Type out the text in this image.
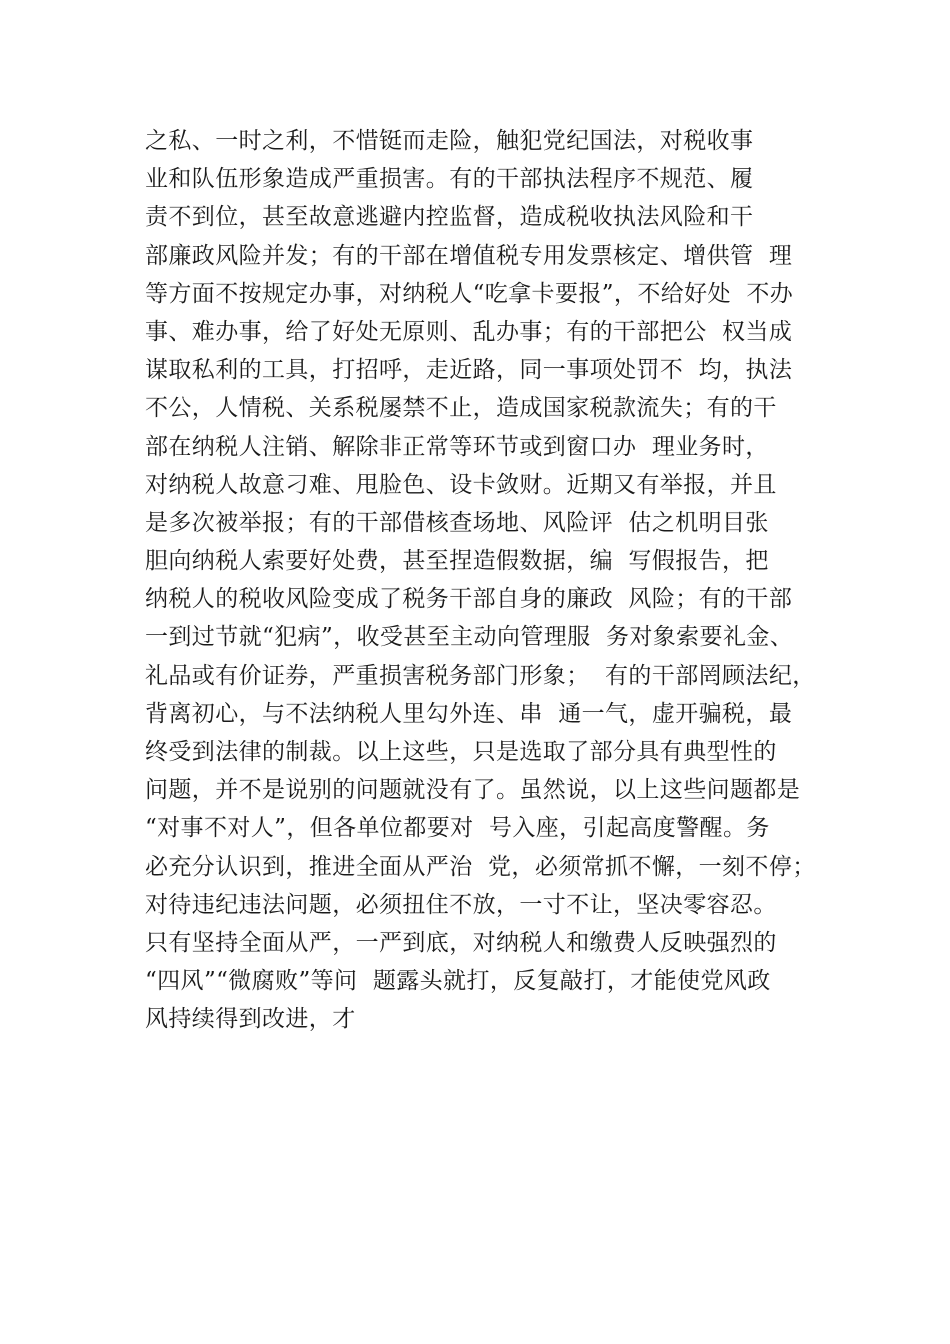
之私、一时之利，不惜铤而走险，触犯党纪国法，对税收事
业和队伍形象造成严重损害。有的干部执法程序不规范、履
责不到位，甚至故意逃避内控监督，造成税收执法风险和干
部廉政风险并发；有的干部在增值税专用发票核定、增供管  理
等方面不按规定办事，对纳税人“吃拿卡要报”，不给好处  不办
事、难办事，给了好处无原则、乱办事；有的干部把公  权当成
谋取私利的工具，打招呼，走近路，同一事项处罚不  均，执法
不公，人情税、关系税屡禁不止，造成国家税款流失；有的干
部在纳税人注销、解除非正常等环节或到窗口办  理业务时，
对纳税人故意刁难、甩脸色、设卡敛财。近期又有举报，并且
是多次被举报；有的干部借核查场地、风险评  估之机明目张
胆向纳税人索要好处费，甚至捏造假数据，编  写假报告，把
纳税人的税收风险变成了税务干部自身的廉政  风险；有的干部
一到过节就“犯病”，收受甚至主动向管理服  务对象索要礼金、
礼品或有价证券，严重损害税务部门形象；  有的干部罔顾法纪，
背离初心，与不法纳税人里勾外连、串  通一气，虚开骗税，最
终受到法律的制裁。以上这些，只是选取了部分具有典型性的
问题，并不是说别的问题就没有了。虽然说，以上这些问题都是
“对事不对人”，但各单位都要对  号入座，引起高度警醒。务
必充分认识到，推进全面从严治  党，必须常抓不懈，一刻不停；
对待违纪违法问题，必须扭住不放，一寸不让，坚决零容忍。
只有坚持全面从严，一严到底，对纳税人和缴费人反映强烈的
“四风”“微腐败”等问  题露头就打，反复敲打，才能使党风政
风持续得到改进，才
